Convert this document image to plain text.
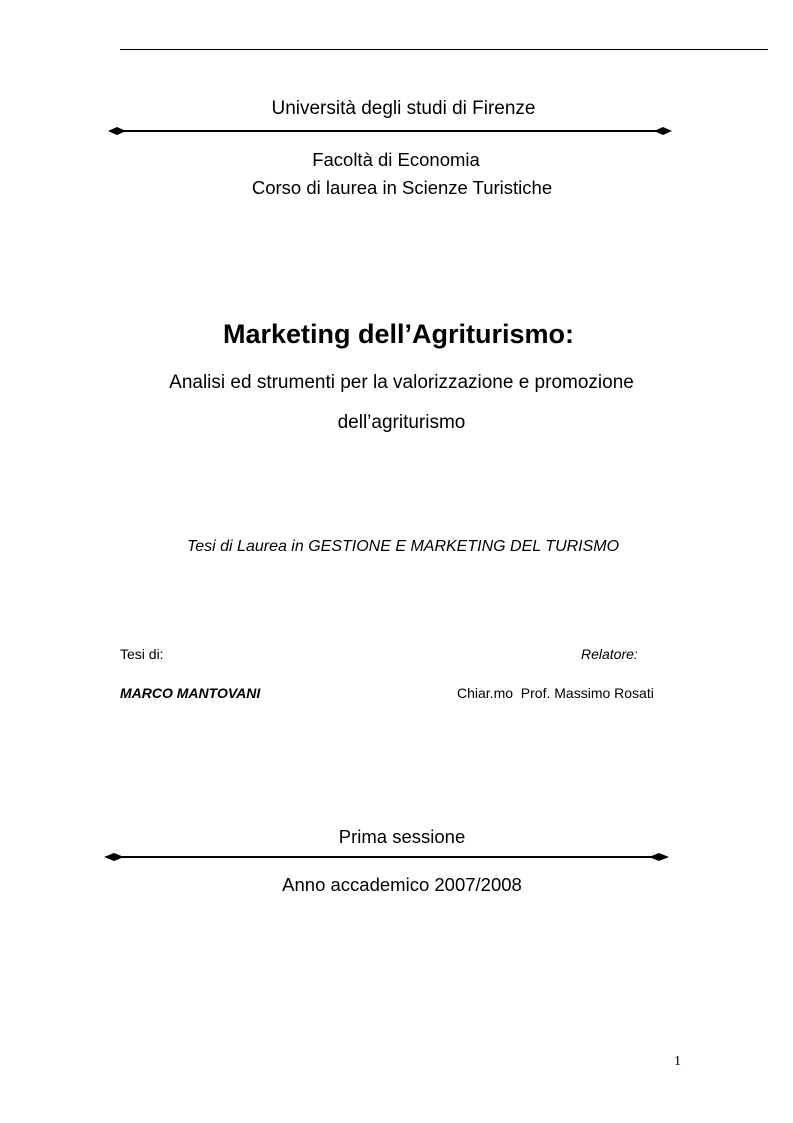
Università degli studi di Firenze
Facoltà di Economia
Corso di laurea in Scienze Turistiche
Marketing dell’Agriturismo:
Analisi ed strumenti per la valorizzazione e promozione
dell’agriturismo
Tesi di Laurea in GESTIONE E MARKETING DEL TURISMO
Tesi di:	Relatore:
MARCO MANTOVANI	Chiar.mo  Prof. Massimo Rosati
Prima sessione
Anno accademico 2007/2008
1
